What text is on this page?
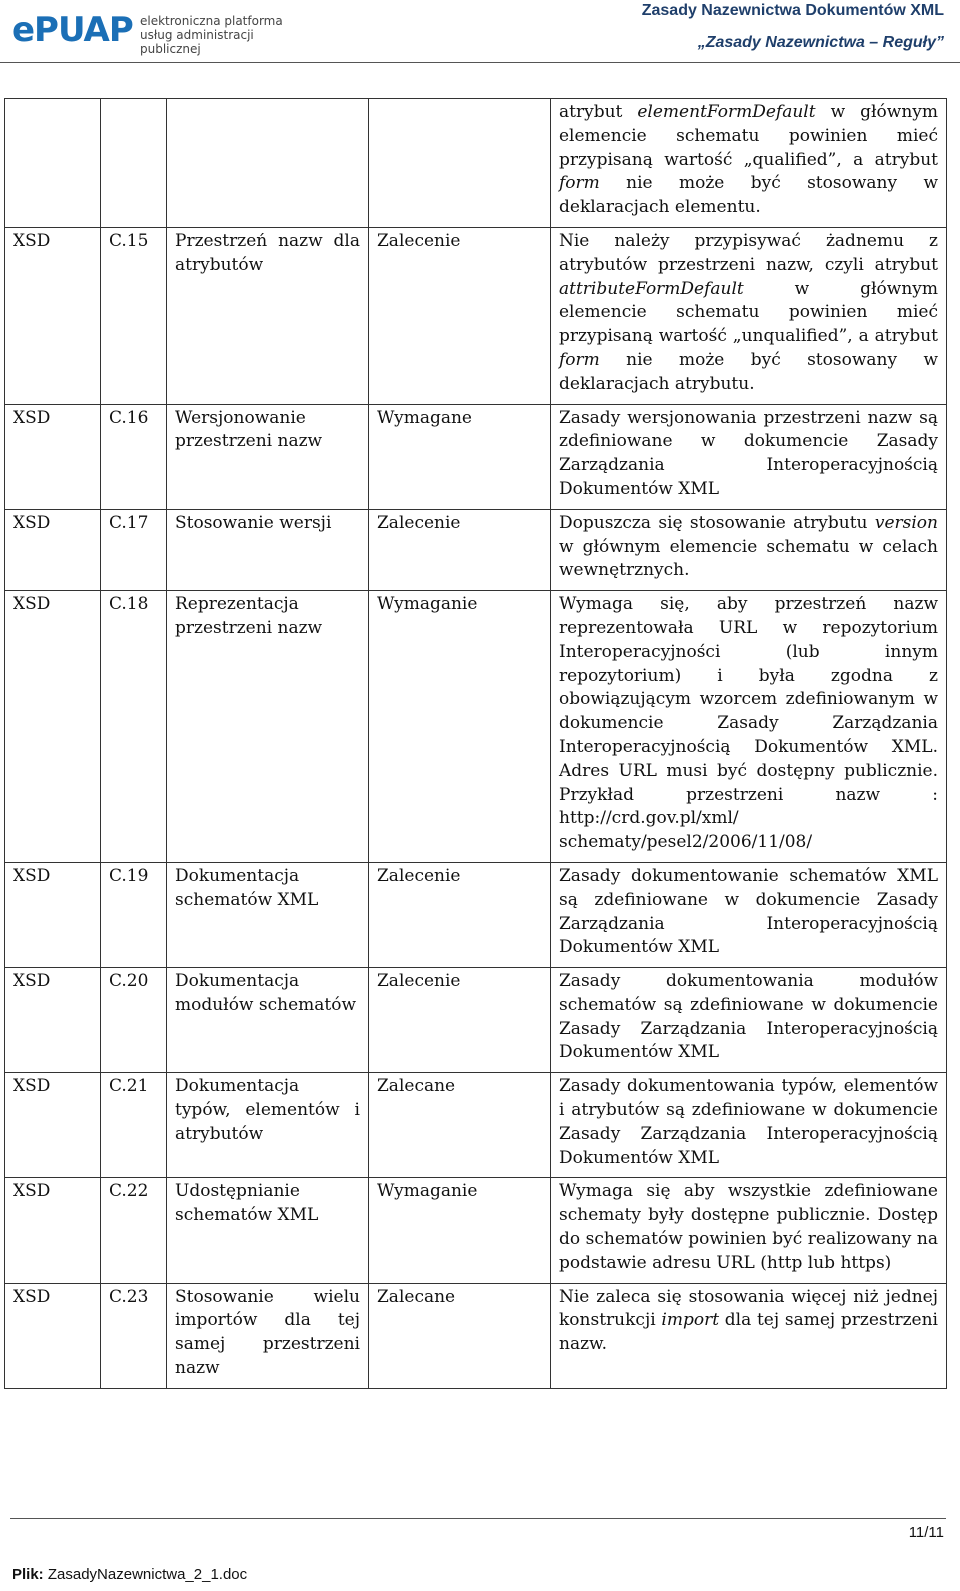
ePUAP elektroniczna platforma
usług administracji publicznej
Zasady Nazewnictwa Dokumentów XML
„Zasady Nazewnictwa – Reguły”
				atrybut elementFormDefault w głównym elemencie schematu powinien mieć przypisaną wartość „qualified”, a atrybut form nie może być stosowany w deklaracjach elementu.
XSD	C.15	Przestrzeń nazw dla atrybutów	Zalecenie	Nie należy przypisywać żadnemu z atrybutów przestrzeni nazw, czyli atrybut attributeFormDefault w głównym elemencie schematu powinien mieć przypisaną wartość „unqualified”, a atrybut form nie może być stosowany w deklaracjach atrybutu.
XSD	C.16	Wersjonowanie przestrzeni nazw	Wymagane	Zasady wersjonowania przestrzeni nazw są zdefiniowane w dokumencie Zasady Zarządzania Interoperacyjnością Dokumentów XML
XSD	C.17	Stosowanie wersji	Zalecenie	Dopuszcza się stosowanie atrybutu version w głównym elemencie schematu w celach wewnętrznych.
XSD	C.18	Reprezentacja przestrzeni nazw	Wymaganie	Wymaga się, aby przestrzeń nazw reprezentowała URL w repozytorium Interoperacyjności (lub innym repozytorium) i była zgodna z obowiązującym wzorcem zdefiniowanym w dokumencie Zasady Zarządzania Interoperacyjnością Dokumentów XML. Adres URL musi być dostępny publicznie. Przykład przestrzeni nazw : http://crd.gov.pl/xml/ schematy/pesel2/2006/11/08/
XSD	C.19	Dokumentacja schematów XML	Zalecenie	Zasady dokumentowanie schematów XML są zdefiniowane w dokumencie Zasady Zarządzania Interoperacyjnością Dokumentów XML
XSD	C.20	Dokumentacja modułów schematów	Zalecenie	Zasady dokumentowania modułów schematów są zdefiniowane w dokumencie Zasady Zarządzania Interoperacyjnością Dokumentów XML
XSD	C.21	Dokumentacja typów, elementów i atrybutów	Zalecane	Zasady dokumentowania typów, elementów i atrybutów są zdefiniowane w dokumencie Zasady Zarządzania Interoperacyjnością Dokumentów XML
XSD	C.22	Udostępnianie schematów XML	Wymaganie	Wymaga się aby wszystkie zdefiniowane schematy były dostępne publicznie. Dostęp do schematów powinien być realizowany na podstawie adresu URL (http lub https)
XSD	C.23	Stosowanie wielu importów dla tej samej przestrzeni nazw	Zalecane	Nie zaleca się stosowania więcej niż jednej konstrukcji import dla tej samej przestrzeni nazw.
11/11
Plik: ZasadyNazewnictwa_2_1.doc
